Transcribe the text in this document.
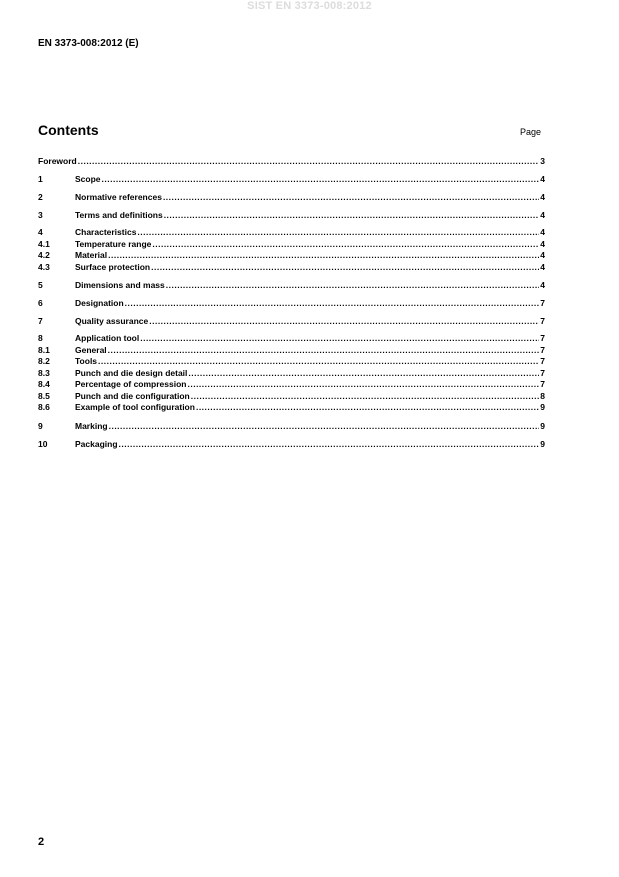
SIST EN 3373-008:2012
EN 3373-008:2012 (E)
Contents	Page
Foreword .....	3
1	Scope .....	4
2	Normative references .....	4
3	Terms and definitions .....	4
4	Characteristics .....	4
4.1	Temperature range .....	4
4.2	Material .....	4
4.3	Surface protection .....	4
5	Dimensions and mass .....	4
6	Designation .....	7
7	Quality assurance .....	7
8	Application tool .....	7
8.1	General .....	7
8.2	Tools .....	7
8.3	Punch and die design detail .....	7
8.4	Percentage of compression .....	7
8.5	Punch and die configuration .....	8
8.6	Example of tool configuration .....	9
9	Marking .....	9
10	Packaging .....	9
2
